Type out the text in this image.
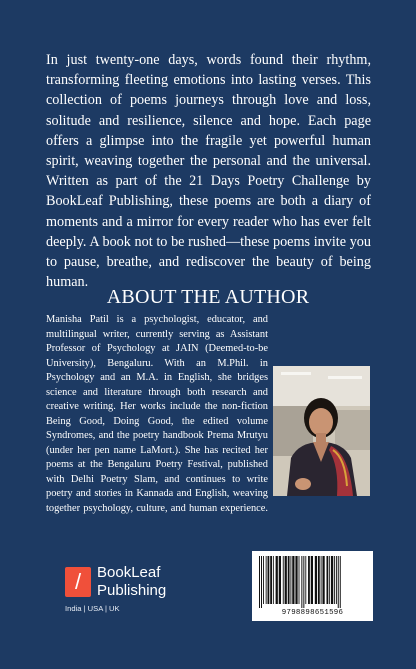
In just twenty-one days, words found their rhythm, transforming fleeting emotions into lasting verses. This collection of poems journeys through love and loss, solitude and resilience, silence and hope. Each page offers a glimpse into the fragile yet powerful human spirit, weaving together the personal and the universal. Written as part of the 21 Days Poetry Challenge by BookLeaf Publishing, these poems are both a diary of moments and a mirror for every reader who has ever felt deeply. A book not to be rushed—these poems invite you to pause, breathe, and rediscover the beauty of being human.

ABOUT THE AUTHOR

Manisha Patil is a psychologist, educator, and multilingual writer, currently serving as Assistant Professor of Psychology at JAIN (Deemed-to-be University), Bengaluru. With an M.Phil. in Psychology and an M.A. in English, she bridges science and literature through both research and creative writing. Her works include the non-fiction Being Good, Doing Good, the edited volume Syndromes, and the poetry handbook Prema Mrutyu (under her pen name LaMort.). She has recited her poems at the Bengaluru Poetry Festival, published with Delhi Poetry Slam, and continues to write poetry and stories in Kannada and English, weaving together psychology, culture, and human experience.

/	BookLeaf
Publishing

India | USA | UK	9798898651596
